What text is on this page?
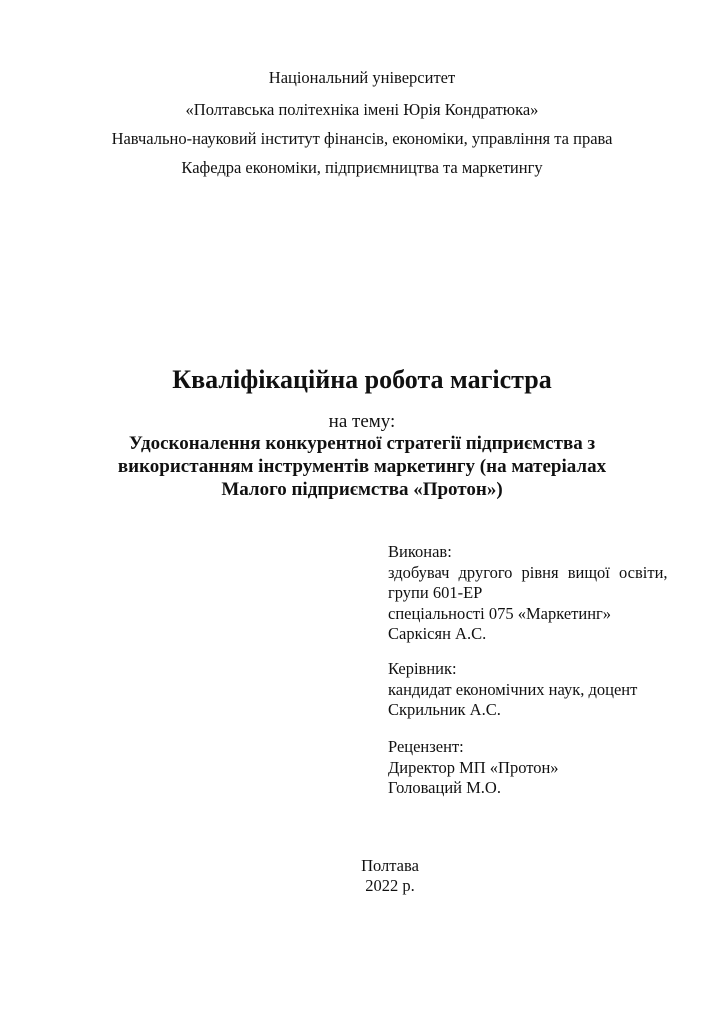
Національний університет
«Полтавська політехніка імені Юрія Кондратюка»
Навчально-науковий інститут фінансів, економіки, управління та права
Кафедра економіки, підприємництва та маркетингу
Кваліфікаційна робота магістра
на тему:
Удосконалення конкурентної стратегії підприємства з
використанням інструментів маркетингу (на матеріалах
Малого підприємства «Протон»)
Виконав:
здобувач другого рівня вищої освіти,
групи 601-ЕР
спеціальності 075 «Маркетинг»
Саркісян А.С.
Керівник:
кандидат економічних наук, доцент
Скрильник А.С.
Рецензент:
Директор МП «Протон»
Головаций М.О.
Полтава
2022 р.
